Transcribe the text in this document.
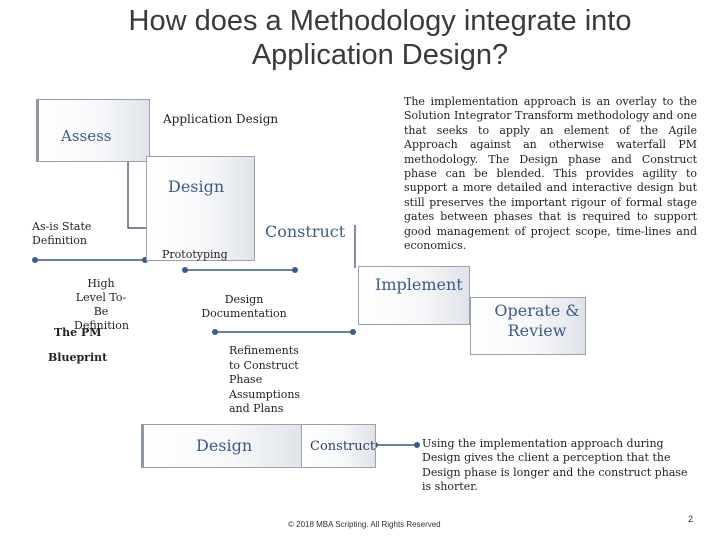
How does a Methodology integrate into
Application Design?
Assess
Application Design
Design
Construct
Implement
Operate & Review
As-is State Definition
Prototyping
High Level To-Be Definition
The PM
Blueprint
Design Documentation
Refinements to Construct Phase Assumptions and Plans
The implementation approach is an overlay to the Solution Integrator Transform methodology and one that seeks to apply an element of the Agile Approach against an otherwise waterfall PM methodology. The Design phase and Construct phase can be blended. This provides agility to support a more detailed and interactive design but still preserves the important rigour of formal stage gates between phases that is required to support good management of project scope, time-lines and economics.
Design	Construct	Using the implementation approach during Design gives the client a perception that the Design phase is longer and the construct phase is shorter.
© 2018 MBA Scripting. All Rights Reserved
2
